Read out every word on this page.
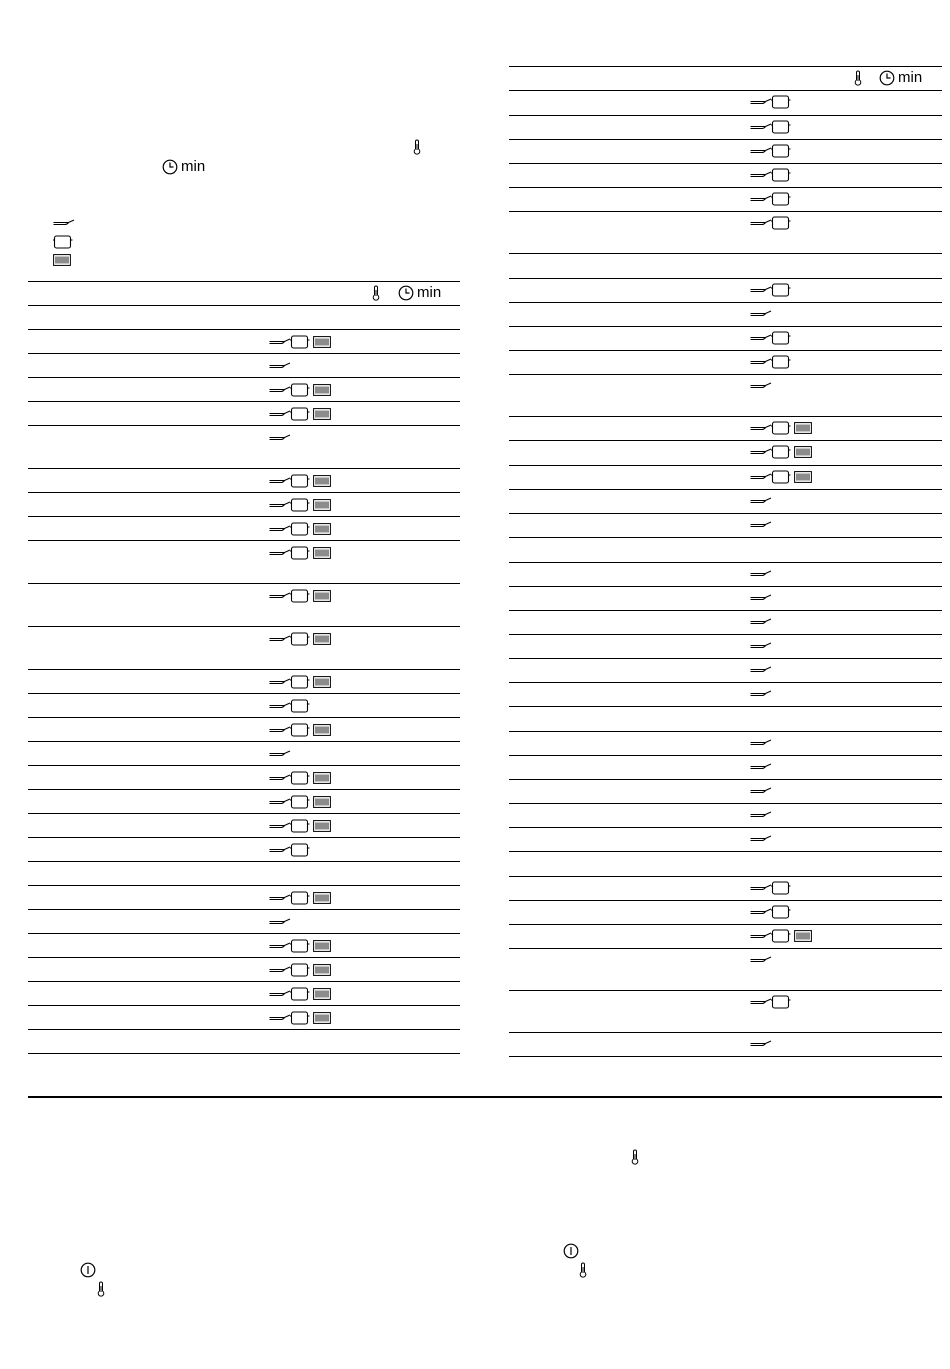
min
min
min
